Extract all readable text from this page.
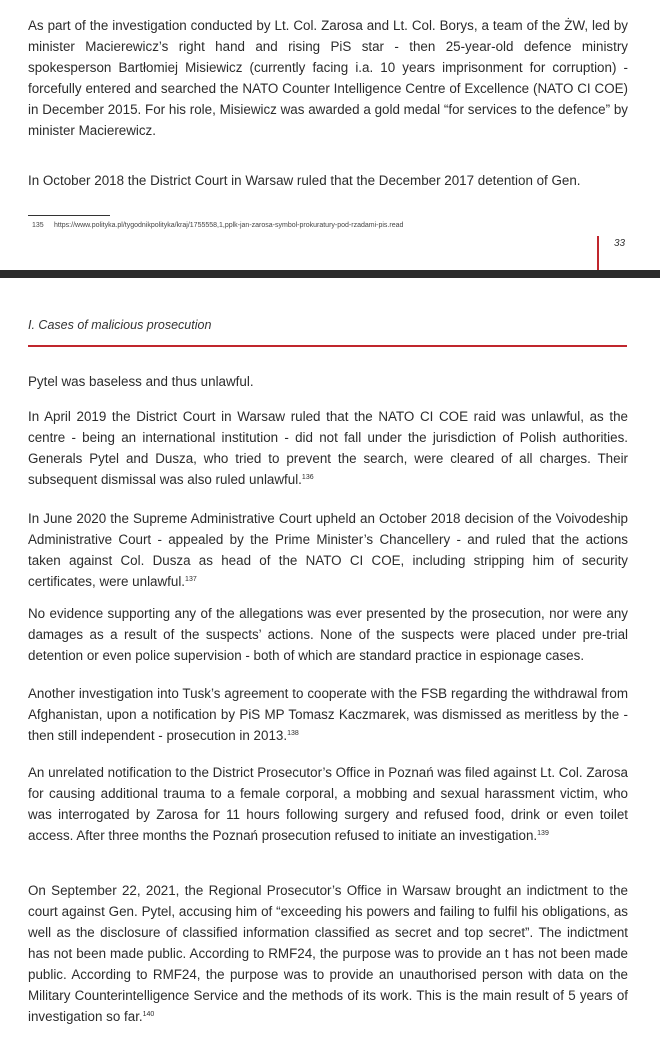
As part of the investigation conducted by Lt. Col. Zarosa and Lt. Col. Borys, a team of the ŻW, led by minister Macierewicz’s right hand and rising PiS star - then 25-year-old defence ministry spokesperson Bartłomiej Misiewicz (currently facing i.a. 10 years imprisonment for corruption) - forcefully entered and searched the NATO Counter Intelligence Centre of Excellence (NATO CI COE) in December 2015. For his role, Misiewicz was awarded a gold medal “for services to the defence” by minister Macierewicz.

In October 2018 the District Court in Warsaw ruled that the December 2017 detention of Gen.

135 https://www.polityka.pl/tygodnikpolityka/kraj/1755558,1,pplk-jan-zarosa-symbol-prokuratury-pod-rzadami-pis.read
33
I. Cases of malicious prosecution

Pytel was baseless and thus unlawful.

In April 2019 the District Court in Warsaw ruled that the NATO CI COE raid was unlawful, as the centre - being an international institution - did not fall under the jurisdiction of Polish authorities. Generals Pytel and Dusza, who tried to prevent the search, were cleared of all charges. Their subsequent dismissal was also ruled unlawful.$^{136}$

In June 2020 the Supreme Administrative Court upheld an October 2018 decision of the Voivodeship Administrative Court - appealed by the Prime Minister’s Chancellery - and ruled that the actions taken against Col. Dusza as head of the NATO CI COE, including stripping him of security certificates, were unlawful.$^{137}$

No evidence supporting any of the allegations was ever presented by the prosecution, nor were any damages as a result of the suspects’ actions. None of the suspects were placed under pre-trial detention or even police supervision - both of which are standard practice in espionage cases.

Another investigation into Tusk’s agreement to cooperate with the FSB regarding the withdrawal from Afghanistan, upon a notification by PiS MP Tomasz Kaczmarek, was dismissed as meritless by the - then still independent - prosecution in 2013.$^{138}$

An unrelated notification to the District Prosecutor’s Office in Poznań was filed against Lt. Col. Zarosa for causing additional trauma to a female corporal, a mobbing and sexual harassment victim, who was interrogated by Zarosa for 11 hours following surgery and refused food, drink or even toilet access. After three months the Poznań prosecution refused to initiate an investigation.$^{139}$

On September 22, 2021, the Regional Prosecutor’s Office in Warsaw brought an indictment to the court against Gen. Pytel, accusing him of “exceeding his powers and failing to fulfil his obligations, as well as the disclosure of classified information classified as secret and top secret”. The indictment has not been made public. According to RMF24, the purpose was to provide an t has not been made public. According to RMF24, the purpose was to provide an unauthorised person with data on the Military Counterintelligence Service and the methods of its work. This is the main result of 5 years of investigation so far.$^{140}$
